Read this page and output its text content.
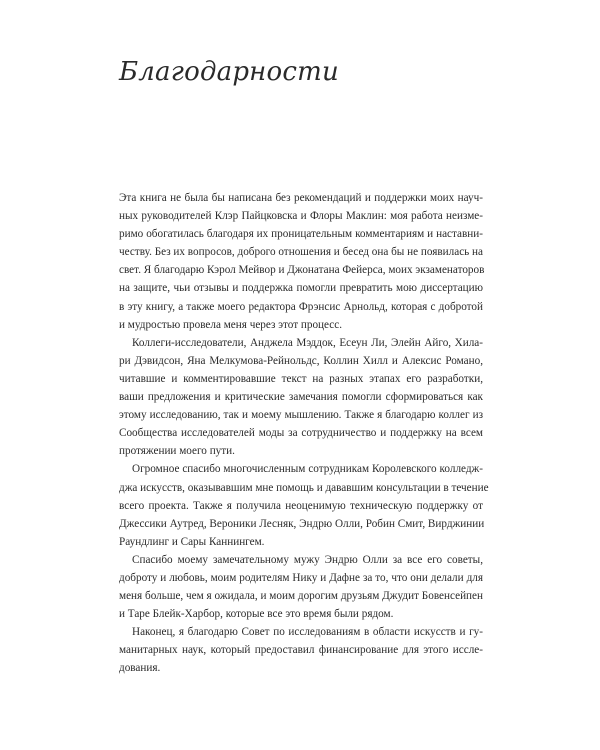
Благодарности
Эта книга не была бы написана без рекомендаций и поддержки моих науч-
ных руководителей Клэр Пайцковска и Флоры Маклин: моя работа неизме-
римо обогатилась благодаря их проницательным комментариям и наставни-
честву. Без их вопросов, доброго отношения и бесед она бы не появилась на
свет. Я благодарю Кэрол Мейвор и Джонатана Фейерса, моих экзаменаторов
на защите, чьи отзывы и поддержка помогли превратить мою диссертацию
в эту книгу, а также моего редактора Фрэнсис Арнольд, которая с добротой
и мудростью провела меня через этот процесс.
Коллеги-исследователи, Анджела Мэддок, Есеун Ли, Элейн Айго, Хила-
ри Дэвидсон, Яна Мелкумова-Рейнольдс, Коллин Хилл и Алексис Романо,
читавшие и комментировавшие текст на разных этапах его разработки,
ваши предложения и критические замечания помогли сформироваться как
этому исследованию, так и моему мышлению. Также я благодарю коллег из
Сообщества исследователей моды за сотрудничество и поддержку на всем
протяжении моего пути.
Огромное спасибо многочисленным сотрудникам Королевского колледж-
джа искусств, оказывавшим мне помощь и дававшим консультации в течение
всего проекта. Также я получила неоценимую техническую поддержку от
Джессики Аутред, Вероники Лесняк, Эндрю Олли, Робин Смит, Вирджинии
Раундлинг и Сары Каннингем.
Спасибо моему замечательному мужу Эндрю Олли за все его советы,
доброту и любовь, моим родителям Нику и Дафне за то, что они делали для
меня больше, чем я ожидала, и моим дорогим друзьям Джудит Бовенсейпен
и Таре Блейк-Харбор, которые все это время были рядом.
Наконец, я благодарю Совет по исследованиям в области искусств и гу-
манитарных наук, который предоставил финансирование для этого иссле-
дования.
